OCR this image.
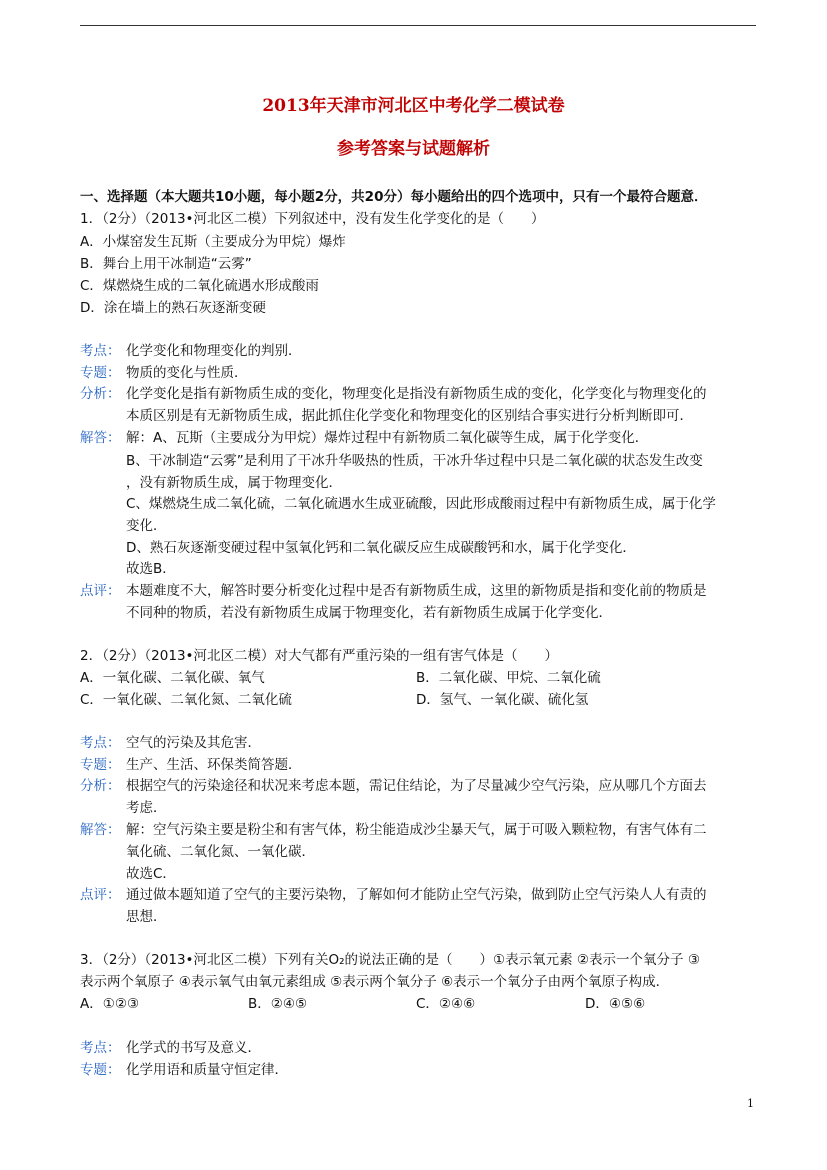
2013年天津市河北区中考化学二模试卷
参考答案与试题解析
一、选择题（本大题共10小题，每小题2分，共20分）每小题给出的四个选项中，只有一个最符合题意．
1．（2分）（2013•河北区二模）下列叙述中，没有发生化学变化的是（　　）
A．小煤窑发生瓦斯（主要成分为甲烷）爆炸
B．舞台上用干冰制造“云雾”
C．煤燃烧生成的二氧化硫遇水形成酸雨
D．涂在墙上的熟石灰逐渐变硬
考点： 化学变化和物理变化的判别．
专题： 物质的变化与性质．
分析： 化学变化是指有新物质生成的变化，物理变化是指没有新物质生成的变化，化学变化与物理变化的
本质区别是有无新物质生成，据此抓住化学变化和物理变化的区别结合事实进行分析判断即可．
解答： 解：A、瓦斯（主要成分为甲烷）爆炸过程中有新物质二氧化碳等生成，属于化学变化．
B、干冰制造“云雾”是利用了干冰升华吸热的性质，干冰升华过程中只是二氧化碳的状态发生改变
，没有新物质生成，属于物理变化．
C、煤燃烧生成二氧化硫，二氧化硫遇水生成亚硫酸，因此形成酸雨过程中有新物质生成，属于化学
变化．
D、熟石灰逐渐变硬过程中氢氧化钙和二氧化碳反应生成碳酸钙和水，属于化学变化．
故选B．
点评： 本题难度不大，解答时要分析变化过程中是否有新物质生成，这里的新物质是指和变化前的物质是
不同种的物质，若没有新物质生成属于物理变化，若有新物质生成属于化学变化．
2．（2分）（2013•河北区二模）对大气都有严重污染的一组有害气体是（　　）
A．一氧化碳、二氧化碳、氧气	B．二氧化碳、甲烷、二氧化硫
C．一氧化碳、二氧化氮、二氧化硫	D．氢气、一氧化碳、硫化氢
考点： 空气的污染及其危害．
专题： 生产、生活、环保类简答题．
分析： 根据空气的污染途径和状况来考虑本题，需记住结论，为了尽量减少空气污染，应从哪几个方面去
考虑．
解答： 解：空气污染主要是粉尘和有害气体，粉尘能造成沙尘暴天气，属于可吸入颗粒物，有害气体有二
氧化硫、二氧化氮、一氧化碳．
故选C．
点评： 通过做本题知道了空气的主要污染物，了解如何才能防止空气污染，做到防止空气污染人人有责的
思想．
3．（2分）（2013•河北区二模）下列有关O₂的说法正确的是（　　）①表示氧元素 ②表示一个氧分子 ③
表示两个氧原子 ④表示氧气由氧元素组成 ⑤表示两个氧分子 ⑥表示一个氧分子由两个氧原子构成．
A．①②③	B．②④⑤	C．②④⑥	D．④⑤⑥
考点： 化学式的书写及意义．
专题： 化学用语和质量守恒定律．
1
